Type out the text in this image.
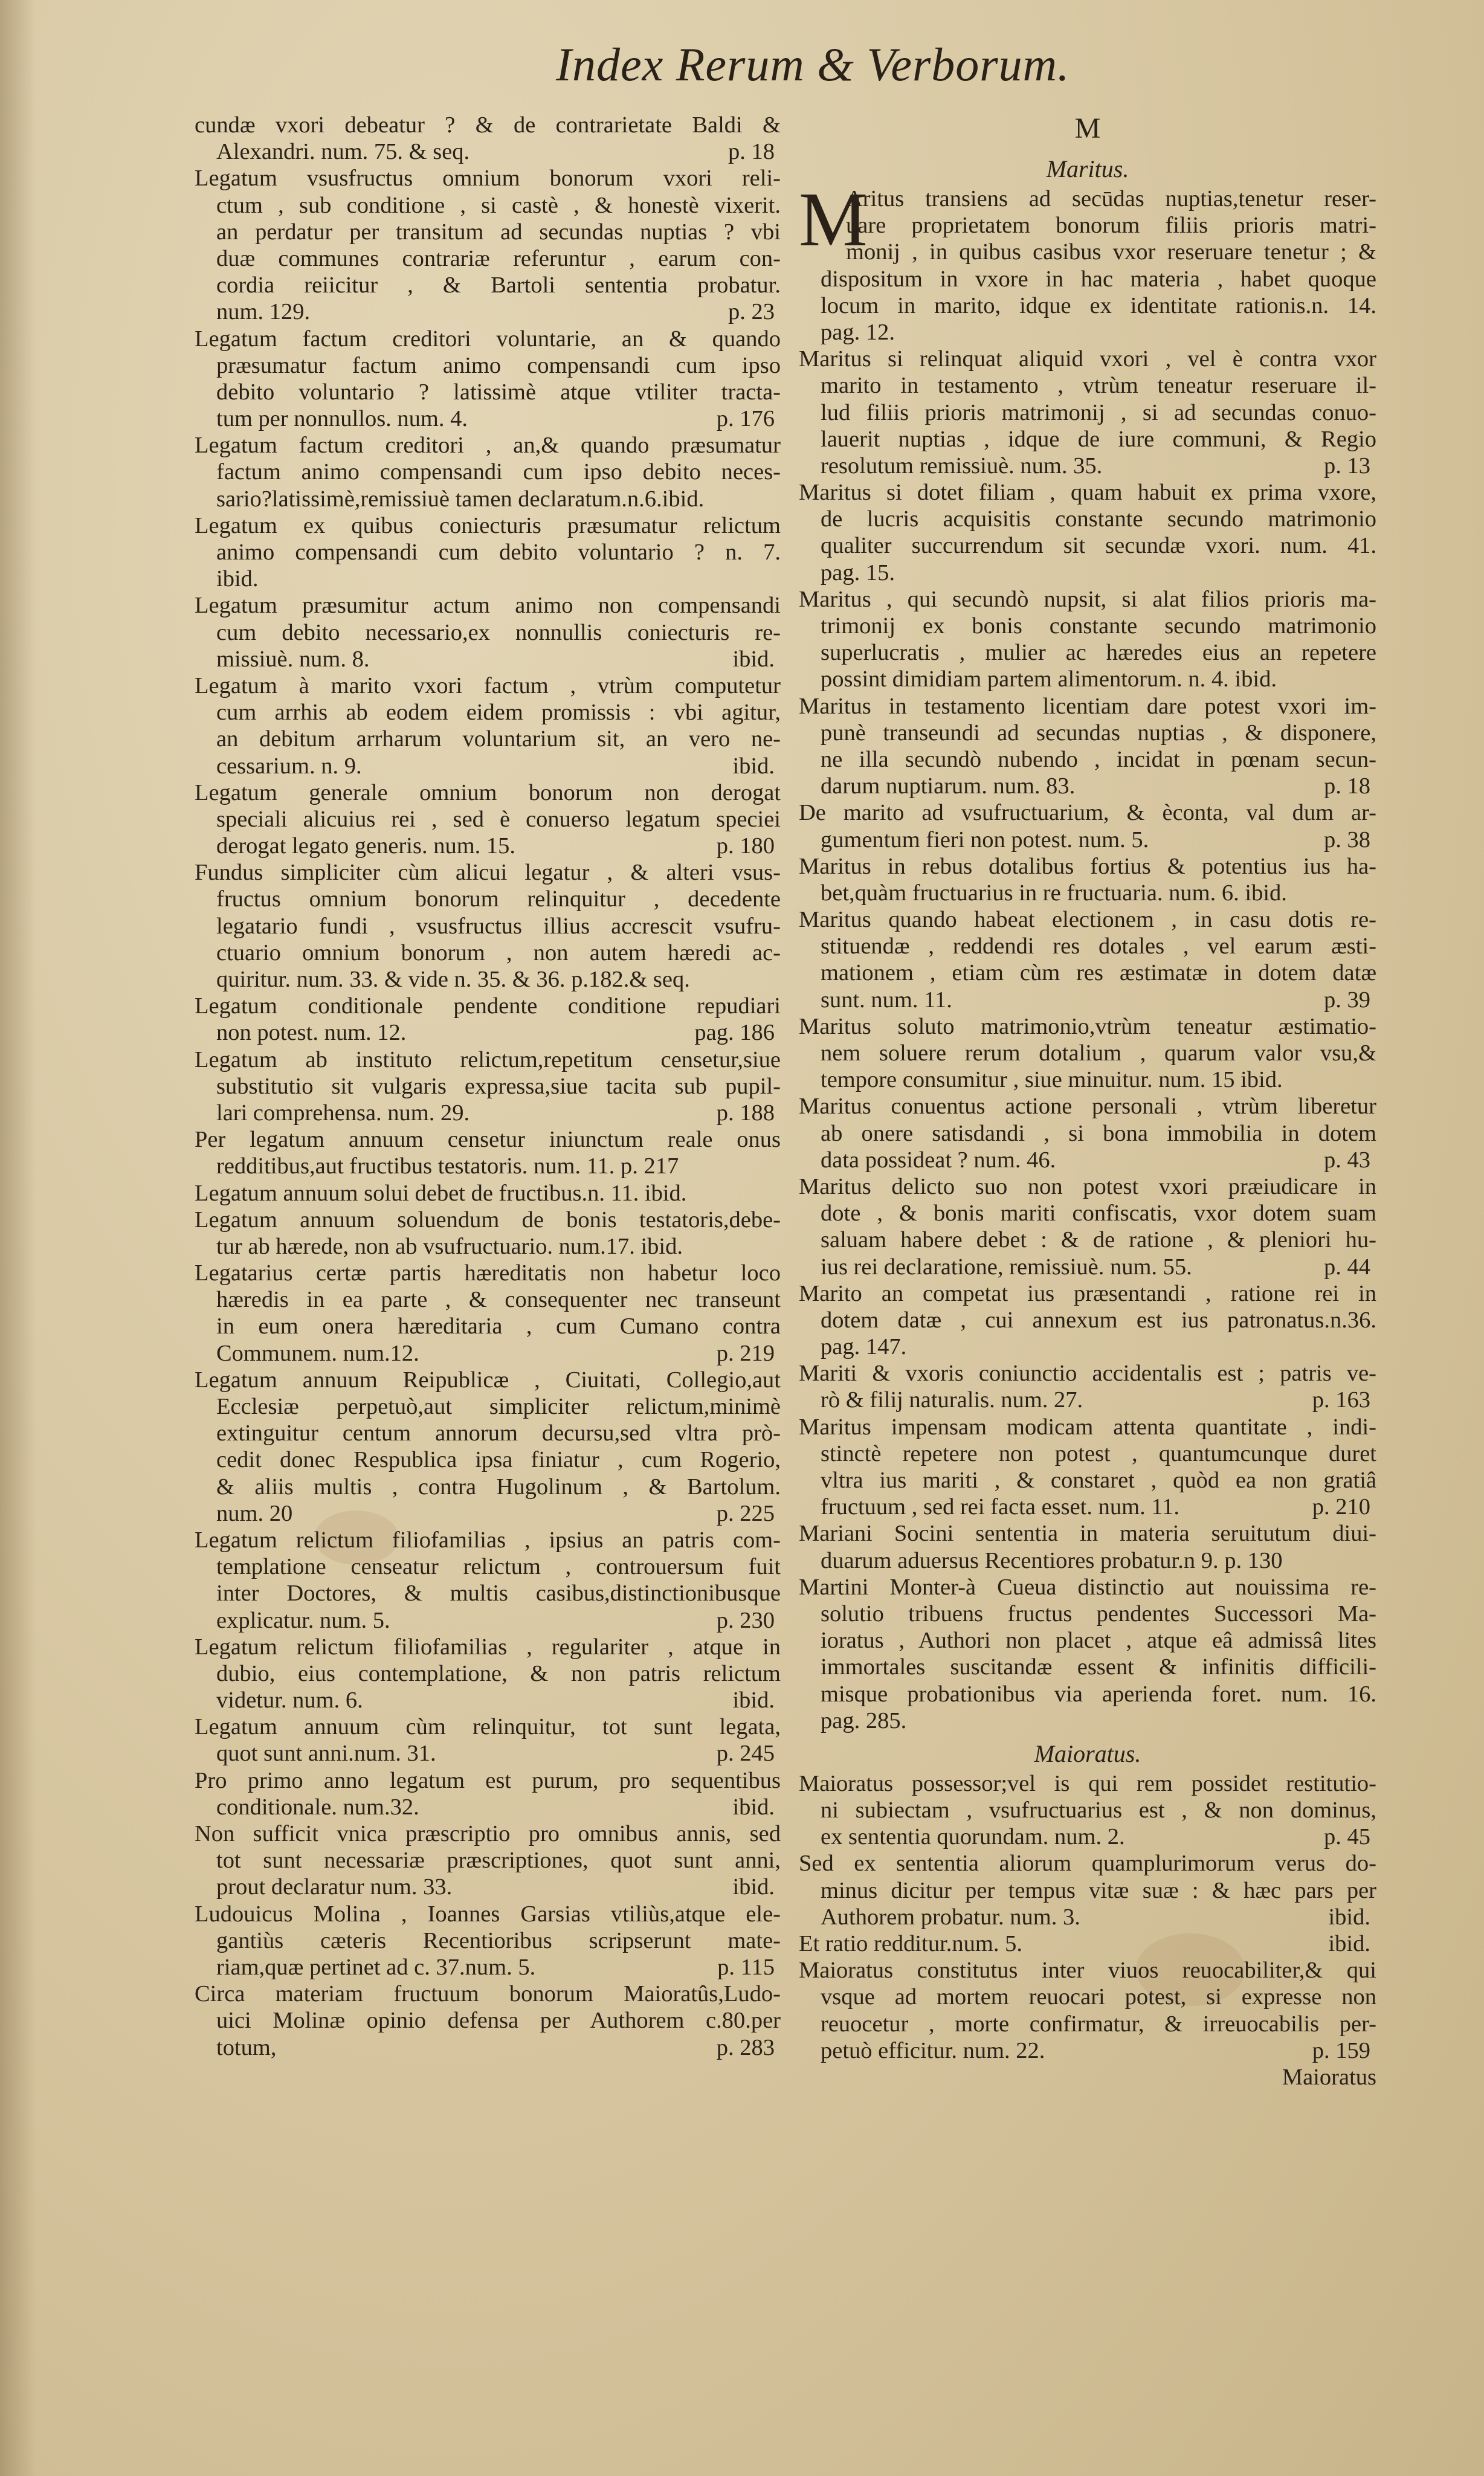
Index Rerum & Verborum.
cundæ vxori debeatur ? & de contrarietate Baldi &
Alexandri. num. 75. & seq.	p. 18
Legatum vsusfructus omnium bonorum vxori reli-
ctum , sub conditione , si castè , & honestè vixerit.
an perdatur per transitum ad secundas nuptias ? vbi
duæ communes contrariæ referuntur , earum con-
cordia reiicitur , & Bartoli sententia probatur.
num. 129.	p. 23
Legatum factum creditori voluntarie, an & quando
præsumatur factum animo compensandi cum ipso
debito voluntario ? latissimè atque vtiliter tracta-
tum per nonnullos. num. 4.	p. 176
Legatum factum creditori , an,& quando præsumatur
factum animo compensandi cum ipso debito neces-
sario?latissimè,remissiuè tamen declaratum.n.6.ibid.
Legatum ex quibus coniecturis præsumatur relictum
animo compensandi cum debito voluntario ? n. 7.
ibid.
Legatum præsumitur actum animo non compensandi
cum debito necessario,ex nonnullis coniecturis re-
missiuè. num. 8.	ibid.
Legatum à marito vxori factum , vtrùm computetur
cum arrhis ab eodem eidem promissis : vbi agitur,
an debitum arrharum voluntarium sit, an vero ne-
cessarium. n. 9.	ibid.
Legatum generale omnium bonorum non derogat
speciali alicuius rei , sed è conuerso legatum speciei
derogat legato generis. num. 15.	p. 180
Fundus simpliciter cùm alicui legatur , & alteri vsus-
fructus omnium bonorum relinquitur , decedente
legatario fundi , vsusfructus illius accrescit vsufru-
ctuario omnium bonorum , non autem hæredi ac-
quiritur. num. 33. & vide n. 35. & 36. p.182.& seq.
Legatum conditionale pendente conditione repudiari
non potest. num. 12.	pag. 186
Legatum ab instituto relictum,repetitum censetur,siue
substitutio sit vulgaris expressa,siue tacita sub pupil-
lari comprehensa. num. 29.	p. 188
Per legatum annuum censetur iniunctum reale onus
redditibus,aut fructibus testatoris. num. 11. p. 217
Legatum annuum solui debet de fructibus.n. 11. ibid.
Legatum annuum soluendum de bonis testatoris,debe-
tur ab hærede, non ab vsufructuario. num.17. ibid.
Legatarius certæ partis hæreditatis non habetur loco
hæredis in ea parte , & consequenter nec transeunt
in eum onera hæreditaria , cum Cumano contra
Communem. num.12.	p. 219
Legatum annuum Reipublicæ , Ciuitati, Collegio,aut
Ecclesiæ perpetuò,aut simpliciter relictum,minimè
extinguitur centum annorum decursu,sed vltra prò-
cedit donec Respublica ipsa finiatur , cum Rogerio,
& aliis multis , contra Hugolinum , & Bartolum.
num. 20	p. 225
Legatum relictum filiofamilias , ipsius an patris com-
templatione censeatur relictum , controuersum fuit
inter Doctores, & multis casibus,distinctionibusque
explicatur. num. 5.	p. 230
Legatum relictum filiofamilias , regulariter , atque in
dubio, eius contemplatione, & non patris relictum
videtur. num. 6.	ibid.
Legatum annuum cùm relinquitur, tot sunt legata,
quot sunt anni.num. 31.	p. 245
Pro primo anno legatum est purum, pro sequentibus
conditionale. num.32.	ibid.
Non sufficit vnica præscriptio pro omnibus annis, sed
tot sunt necessariæ præscriptiones, quot sunt anni,
prout declaratur num. 33.	ibid.
Ludouicus Molina , Ioannes Garsias vtiliùs,atque ele-
gantiùs cæteris Recentioribus scripserunt mate-
riam,quæ pertinet ad c. 37.num. 5.	p. 115
Circa materiam fructuum bonorum Maioratûs,Ludo-
uici Molinæ opinio defensa per Authorem c.80.per
totum,	p. 283
M
Maritus.
M
Aritus transiens ad secūdas nuptias,tenetur reser-
uare proprietatem bonorum filiis prioris matri-
monij , in quibus casibus vxor reseruare tenetur ; &
dispositum in vxore in hac materia , habet quoque
locum in marito, idque ex identitate rationis.n. 14.
pag. 12.
Maritus si relinquat aliquid vxori , vel è contra vxor
marito in testamento , vtrùm teneatur reseruare il-
lud filiis prioris matrimonij , si ad secundas conuo-
lauerit nuptias , idque de iure communi, & Regio
resolutum remissiuè. num. 35.	p. 13
Maritus si dotet filiam , quam habuit ex prima vxore,
de lucris acquisitis constante secundo matrimonio
qualiter succurrendum sit secundæ vxori. num. 41.
pag. 15.
Maritus , qui secundò nupsit, si alat filios prioris ma-
trimonij ex bonis constante secundo matrimonio
superlucratis , mulier ac hæredes eius an repetere
possint dimidiam partem alimentorum. n. 4. ibid.
Maritus in testamento licentiam dare potest vxori im-
punè transeundi ad secundas nuptias , & disponere,
ne illa secundò nubendo , incidat in pœnam secun-
darum nuptiarum. num. 83.	p. 18
De marito ad vsufructuarium, & èconta, val dum ar-
gumentum fieri non potest. num. 5.	p. 38
Maritus in rebus dotalibus fortius & potentius ius ha-
bet,quàm fructuarius in re fructuaria. num. 6. ibid.
Maritus quando habeat electionem , in casu dotis re-
stituendæ , reddendi res dotales , vel earum æsti-
mationem , etiam cùm res æstimatæ in dotem datæ
sunt. num. 11.	p. 39
Maritus soluto matrimonio,vtrùm teneatur æstimatio-
nem soluere rerum dotalium , quarum valor vsu,&
tempore consumitur , siue minuitur. num. 15 ibid.
Maritus conuentus actione personali , vtrùm liberetur
ab onere satisdandi , si bona immobilia in dotem
data possideat ? num. 46.	p. 43
Maritus delicto suo non potest vxori præiudicare in
dote , & bonis mariti confiscatis, vxor dotem suam
saluam habere debet : & de ratione , & pleniori hu-
ius rei declaratione, remissiuè. num. 55.	p. 44
Marito an competat ius præsentandi , ratione rei in
dotem datæ , cui annexum est ius patronatus.n.36.
pag. 147.
Mariti & vxoris coniunctio accidentalis est ; patris ve-
rò & filij naturalis. num. 27.	p. 163
Maritus impensam modicam attenta quantitate , indi-
stinctè repetere non potest , quantumcunque duret
vltra ius mariti , & constaret , quòd ea non gratiâ
fructuum , sed rei facta esset. num. 11.	p. 210
Mariani Socini sententia in materia seruitutum diui-
duarum aduersus Recentiores probatur.n 9. p. 130
Martini Monter-à Cueua distinctio aut nouissima re-
solutio tribuens fructus pendentes Successori Ma-
ioratus , Authori non placet , atque eâ admissâ lites
immortales suscitandæ essent & infinitis difficili-
misque probationibus via aperienda foret. num. 16.
pag. 285.
Maioratus.
Maioratus possessor;vel is qui rem possidet restitutio-
ni subiectam , vsufructuarius est , & non dominus,
ex sententia quorundam. num. 2.	p. 45
Sed ex sententia aliorum quamplurimorum verus do-
minus dicitur per tempus vitæ suæ : & hæc pars per
Authorem probatur. num. 3.	ibid.
Et ratio redditur.num. 5.	ibid.
Maioratus constitutus inter viuos reuocabiliter,& qui
vsque ad mortem reuocari potest, si expresse non
reuocetur , morte confirmatur, & irreuocabilis per-
petuò efficitur. num. 22.	p. 159
Maioratus
